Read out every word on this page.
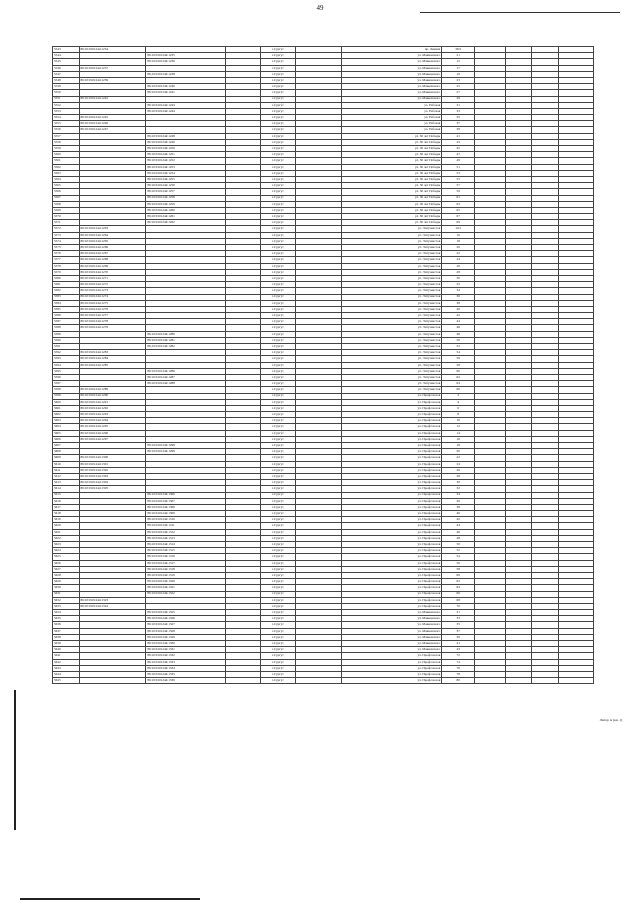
49
5543	86:10:0101244:1234			г.Сургут		пр. Ленина	39/2				
5544		86:10:0101244:1235		г.Сургут		ул. Маяковского	21				
5545		86:10:0101244:1236		г.Сургут		ул. Маяковского	15				
5546	86:10:0101244:1237			г.Сургут		ул. Маяковского	17				
5547		86:10:0101244:1238		г.Сургут		ул. Маяковского	19				
5548	86:10:0101244:1239			г.Сургут		ул. Маяковского	23				
5549		86:10:0101244:1240		г.Сургут		ул. Маяковского	25				
5550		86:10:0101244:1241		г.Сургут		ул. Маяковского	27				
5551	86:10:0101244:1242			г.Сургут		ул. Маяковского	29				
5552		86:10:0101244:1243		г.Сургут		ул. Рабочая	31				
5553		86:10:0101244:1244		г.Сургут		ул. Рабочая	33				
5554	86:10:0101244:1245			г.Сургут		ул. Рабочая	35				
5555	86:10:0101244:1246			г.Сургут		ул. Рабочая	37				
5556	86:10:0101244:1247			г.Сургут		ул. Рабочая	39				
5557		86:10:0101244:1248		г.Сургут		ул. 30 лет Победы	41				
5558		86:10:0101244:1249		г.Сургут		ул. 30 лет Победы	43				
5559		86:10:0101244:1250		г.Сургут		ул. 30 лет Победы	45				
5560		86:10:0101244:1251		г.Сургут		ул. 30 лет Победы	47				
5561		86:10:0101244:1252		г.Сургут		ул. 30 лет Победы	49				
5562		86:10:0101244:1253		г.Сургут		ул. 30 лет Победы	51				
5563		86:10:0101244:1254		г.Сургут		ул. 30 лет Победы	53				
5564		86:10:0101244:1255		г.Сургут		ул. 30 лет Победы	55				
5565		86:10:0101244:1256		г.Сургут		ул. 30 лет Победы	57				
5566		86:10:0101244:1257		г.Сургут		ул. 30 лет Победы	59				
5567		86:10:0101244:1258		г.Сургут		ул. 30 лет Победы	61				
5568		86:10:0101244:1259		г.Сургут		ул. 30 лет Победы	63				
5569		86:10:0101244:1260		г.Сургут		ул. 30 лет Победы	65				
5570		86:10:0101244:1261		г.Сургут		ул. 30 лет Победы	67				
5571		86:10:0101244:1262		г.Сургут		ул. 30 лет Победы	69				
5572	86:10:0101244:1263			г.Сургут		ул. Энтузиастов	14/1				
5573	86:10:0101244:1264			г.Сургут		ул. Энтузиастов	16				
5574	86:10:0101244:1265			г.Сургут		ул. Энтузиастов	18				
5575	86:10:0101244:1266			г.Сургут		ул. Энтузиастов	20				
5576	86:10:0101244:1267			г.Сургут		ул. Энтузиастов	22				
5577	86:10:0101244:1268			г.Сургут		ул. Энтузиастов	24				
5578	86:10:0101244:1269			г.Сургут		ул. Энтузиастов	26				
5579	86:10:0101244:1270			г.Сургут		ул. Энтузиастов	28				
5580	86:10:0101244:1271			г.Сургут		ул. Энтузиастов	30				
5581	86:10:0101244:1272			г.Сургут		ул. Энтузиастов	32				
5582	86:10:0101244:1273			г.Сургут		ул. Энтузиастов	34				
5583	86:10:0101244:1274			г.Сургут		ул. Энтузиастов	36				
5584	86:10:0101244:1275			г.Сургут		ул. Энтузиастов	38				
5585	86:10:0101244:1276			г.Сургут		ул. Энтузиастов	40				
5586	86:10:0101244:1277			г.Сургут		ул. Энтузиастов	42				
5587	86:10:0101244:1278			г.Сургут		ул. Энтузиастов	44				
5588	86:10:0101244:1279			г.Сургут		ул. Энтузиастов	46				
5589		86:10:0101244:1280		г.Сургут		ул. Энтузиастов	48				
5590		86:10:0101244:1281		г.Сургут		ул. Энтузиастов	50				
5591		86:10:0101244:1282		г.Сургут		ул. Энтузиастов	52				
5592	86:10:0101244:1283			г.Сургут		ул. Энтузиастов	54				
5593	86:10:0101244:1284			г.Сургут		ул. Энтузиастов	56				
5594	86:10:0101244:1285			г.Сургут		ул. Энтузиастов	58				
5595		86:10:0101244:1286		г.Сургут		ул. Энтузиастов	60				
5596		86:10:0101244:1287		г.Сургут		ул. Энтузиастов	62				
5597		86:10:0101244:1288		г.Сургут		ул. Энтузиастов	64				
5598	86:10:0101244:1289			г.Сургут		ул. Энтузиастов	66				
5599	86:10:0101244:1290			г.Сургут		ул. Профсоюзов	2				
5600	86:10:0101244:1291			г.Сургут		ул. Профсоюзов	4				
5601	86:10:0101244:1292			г.Сургут		ул. Профсоюзов	6				
5602	86:10:0101244:1293			г.Сургут		ул. Профсоюзов	8				
5603	86:10:0101244:1294			г.Сургут		ул. Профсоюзов	10				
5604	86:10:0101244:1295			г.Сургут		ул. Профсоюзов	12				
5605	86:10:0101244:1296			г.Сургут		ул. Профсоюзов	14				
5606	86:10:0101244:1297			г.Сургут		ул. Профсоюзов	16				
5607		86:10:0101244:1298		г.Сургут		ул. Профсоюзов	18				
5608		86:10:0101244:1299		г.Сургут		ул. Профсоюзов	20				
5609	86:10:0101244:1300			г.Сургут		ул. Профсоюзов	22				
5610	86:10:0101244:1301			г.Сургут		ул. Профсоюзов	24				
5611	86:10:0101244:1302			г.Сургут		ул. Профсоюзов	26				
5612	86:10:0101244:1303			г.Сургут		ул. Профсоюзов	28				
5613	86:10:0101244:1304			г.Сургут		ул. Профсоюзов	30				
5614	86:10:0101244:1305			г.Сургут		ул. Профсоюзов	32				
5615		86:10:0101244:1306		г.Сургут		ул. Профсоюзов	34				
5616		86:10:0101244:1307		г.Сургут		ул. Профсоюзов	36				
5617		86:10:0101244:1308		г.Сургут		ул. Профсоюзов	38				
5618		86:10:0101244:1309		г.Сургут		ул. Профсоюзов	40				
5619		86:10:0101244:1310		г.Сургут		ул. Профсоюзов	42				
5620		86:10:0101244:1311		г.Сургут		ул. Профсоюзов	44				
5621		86:10:0101244:1312		г.Сургут		ул. Профсоюзов	46				
5622		86:10:0101244:1313		г.Сургут		ул. Профсоюзов	48				
5623		86:10:0101244:1314		г.Сургут		ул. Профсоюзов	50				
5624		86:10:0101244:1315		г.Сургут		ул. Профсоюзов	52				
5625		86:10:0101244:1316		г.Сургут		ул. Профсоюзов	54				
5626		86:10:0101244:1317		г.Сургут		ул. Профсоюзов	56				
5627		86:10:0101244:1318		г.Сургут		ул. Профсоюзов	58				
5628		86:10:0101244:1319		г.Сургут		ул. Профсоюзов	60				
5629		86:10:0101244:1320		г.Сургут		ул. Профсоюзов	62				
5630		86:10:0101244:1321		г.Сургут		ул. Профсоюзов	64				
5631		86:10:0101244:1322		г.Сургут		ул. Профсоюзов	66				
5632	86:10:0101244:1323			г.Сургут		ул. Профсоюзов	68				
5633	86:10:0101244:1324			г.Сургут		ул. Профсоюзов	70				
5634		86:10:0101244:1325		г.Сургут		ул. Маяковского	31				
5635		86:10:0101244:1326		г.Сургут		ул. Маяковского	33				
5636		86:10:0101244:1327		г.Сургут		ул. Маяковского	35				
5637		86:10:0101244:1328		г.Сургут		ул. Маяковского	37				
5638		86:10:0101244:1329		г.Сургут		ул. Маяковского	39				
5639		86:10:0101244:1330		г.Сургут		ул. Маяковского	41				
5640		86:10:0101244:1331		г.Сургут		ул. Маяковского	43				
5641		86:10:0101244:1332		г.Сургут		ул. Профсоюзов	72				
5642		86:10:0101244:1333		г.Сургут		ул. Профсоюзов	74				
5643		86:10:0101244:1334		г.Сургут		ул. Профсоюзов	76				
5644		86:10:0101244:1335		г.Сургут		ул. Профсоюзов	78				
5645		86:10:0101244:1336		г.Сургут		ул. Профсоюзов	80				
Литер А (кв. 1)
